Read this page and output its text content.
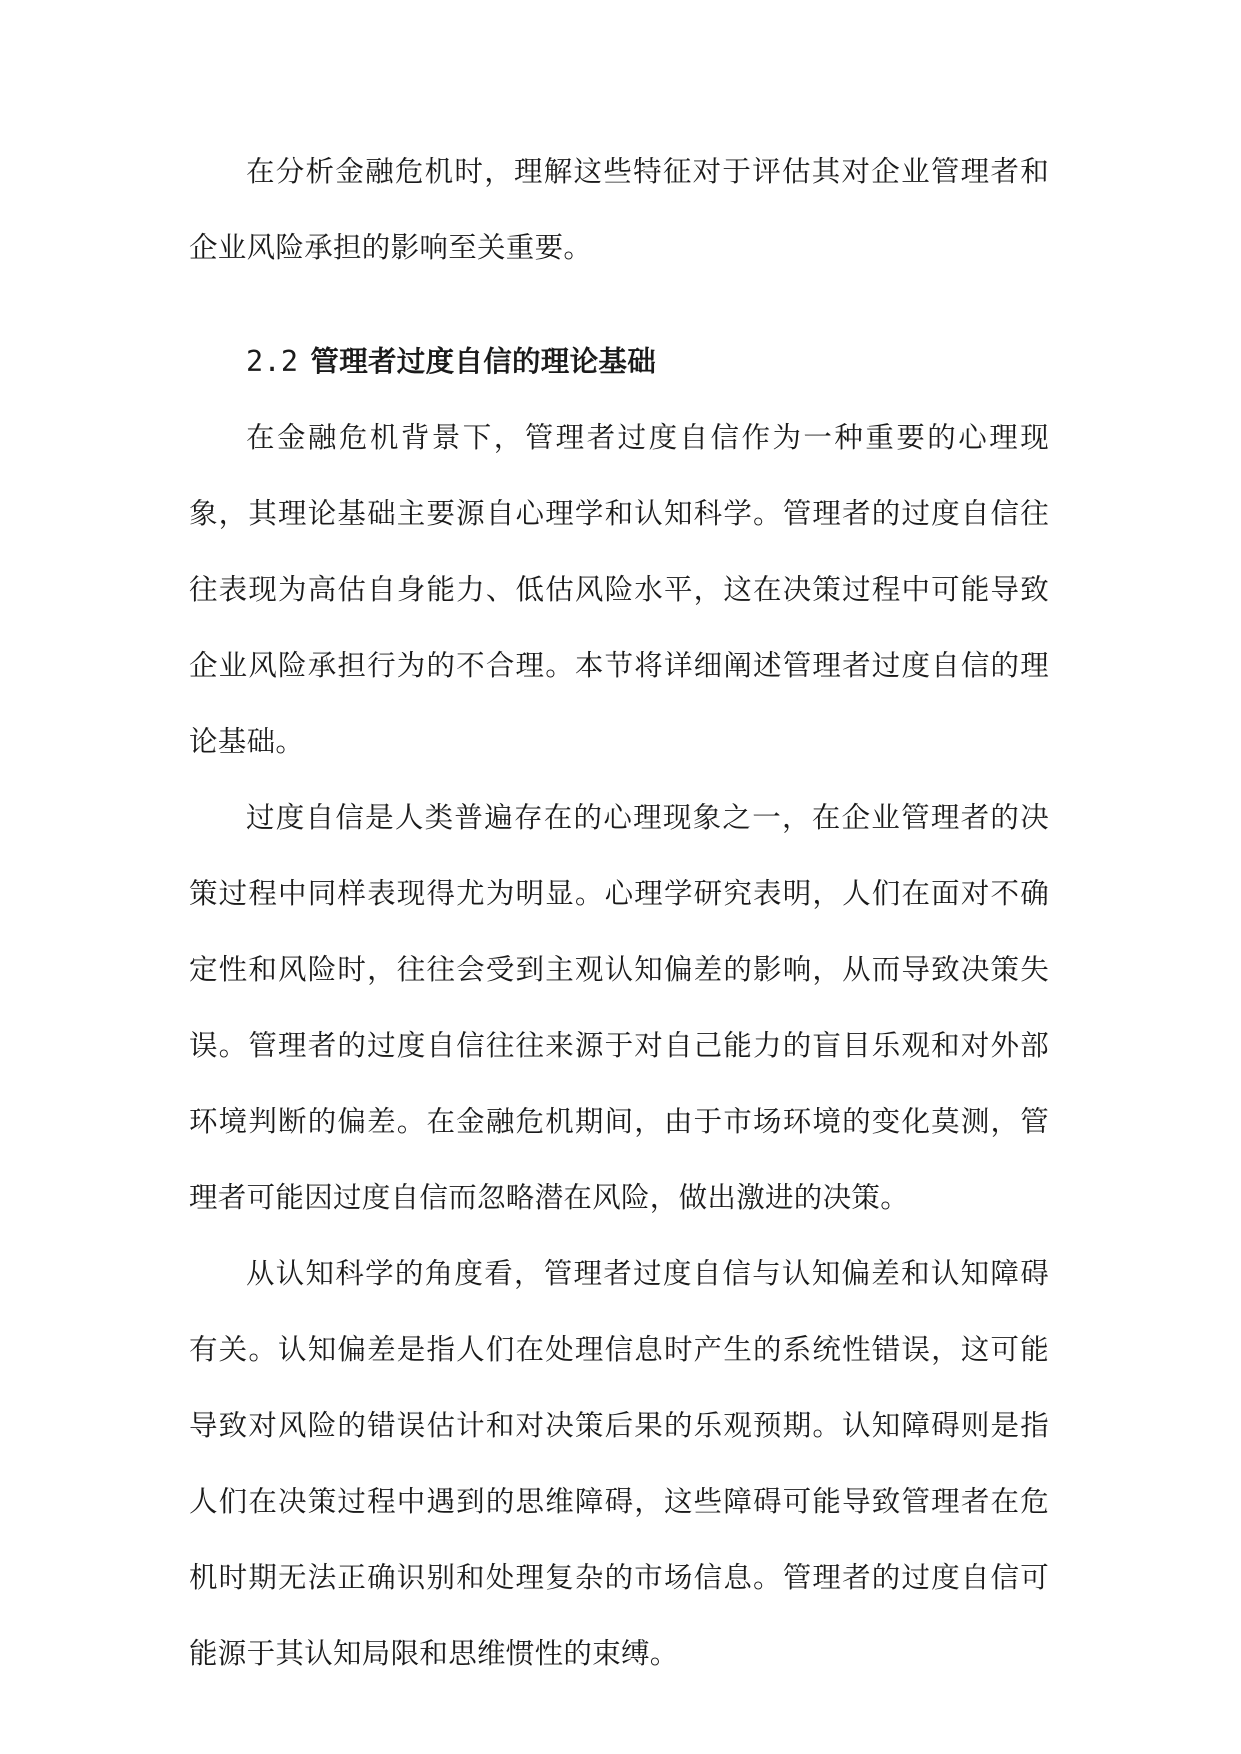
在分析金融危机时，理解这些特征对于评估其对企业管理者和企业风险承担的影响至关重要。

2.2 管理者过度自信的理论基础

在金融危机背景下，管理者过度自信作为一种重要的心理现象，其理论基础主要源自心理学和认知科学。管理者的过度自信往往表现为高估自身能力、低估风险水平，这在决策过程中可能导致企业风险承担行为的不合理。本节将详细阐述管理者过度自信的理论基础。

过度自信是人类普遍存在的心理现象之一，在企业管理者的决策过程中同样表现得尤为明显。心理学研究表明，人们在面对不确定性和风险时，往往会受到主观认知偏差的影响，从而导致决策失误。管理者的过度自信往往来源于对自己能力的盲目乐观和对外部环境判断的偏差。在金融危机期间，由于市场环境的变化莫测，管理者可能因过度自信而忽略潜在风险，做出激进的决策。

从认知科学的角度看，管理者过度自信与认知偏差和认知障碍有关。认知偏差是指人们在处理信息时产生的系统性错误，这可能导致对风险的错误估计和对决策后果的乐观预期。认知障碍则是指人们在决策过程中遇到的思维障碍，这些障碍可能导致管理者在危机时期无法正确识别和处理复杂的市场信息。管理者的过度自信可能源于其认知局限和思维惯性的束缚。
